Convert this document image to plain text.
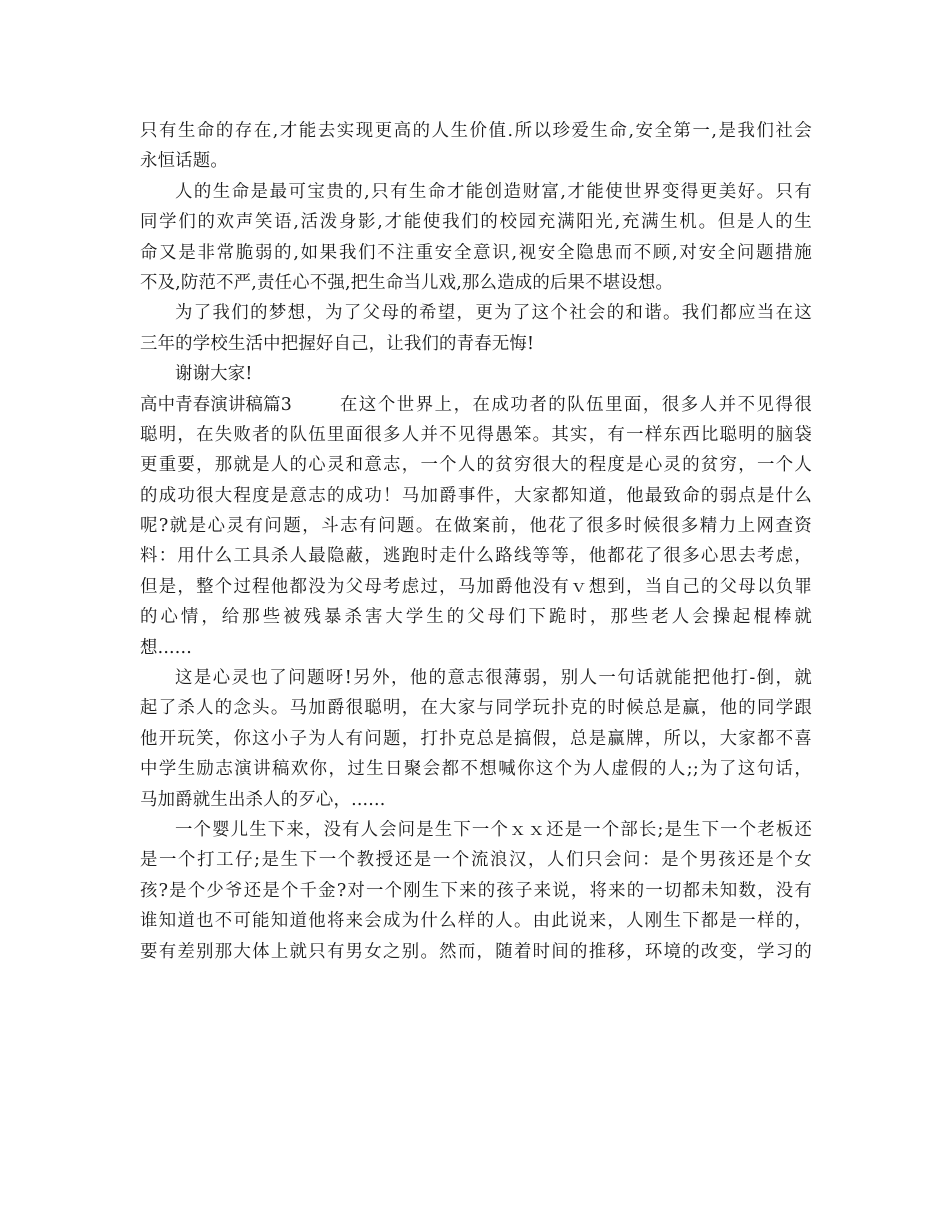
只有生命的存在,才能去实现更高的人生价值.所以珍爱生命,安全第一,是我们社会
永恒话题。
人的生命是最可宝贵的,只有生命才能创造财富,才能使世界变得更美好。只有
同学们的欢声笑语,活泼身影,才能使我们的校园充满阳光,充满生机。但是人的生
命又是非常脆弱的,如果我们不注重安全意识,视安全隐患而不顾,对安全问题措施
不及,防范不严,责任心不强,把生命当儿戏,那么造成的后果不堪设想。
为了我们的梦想，为了父母的希望，更为了这个社会的和谐。我们都应当在这
三年的学校生活中把握好自己，让我们的青春无悔!
谢谢大家!
高中青春演讲稿篇3	在这个世界上，在成功者的队伍里面，很多人并不见得很
聪明，在失败者的队伍里面很多人并不见得愚笨。其实，有一样东西比聪明的脑袋
更重要，那就是人的心灵和意志，一个人的贫穷很大的程度是心灵的贫穷，一个人
的成功很大程度是意志的成功！马加爵事件，大家都知道，他最致命的弱点是什么
呢?就是心灵有问题，斗志有问题。在做案前，他花了很多时候很多精力上网查资
料：用什么工具杀人最隐蔽，逃跑时走什么路线等等，他都花了很多心思去考虑，
但是，整个过程他都没为父母考虑过，马加爵他没有ｖ想到，当自己的父母以负罪
的心情，给那些被残暴杀害大学生的父母们下跪时，那些老人会操起棍棒就
想......
这是心灵也了问题呀!另外，他的意志很薄弱，别人一句话就能把他打-倒，就
起了杀人的念头。马加爵很聪明，在大家与同学玩扑克的时候总是赢，他的同学跟
他开玩笑，你这小子为人有问题，打扑克总是搞假，总是赢牌，所以，大家都不喜
中学生励志演讲稿欢你，过生日聚会都不想喊你这个为人虚假的人;;为了这句话，
马加爵就生出杀人的歹心，......
一个婴儿生下来，没有人会问是生下一个ｘｘ还是一个部长;是生下一个老板还
是一个打工仔;是生下一个教授还是一个流浪汉，人们只会问：是个男孩还是个女
孩?是个少爷还是个千金?对一个刚生下来的孩子来说，将来的一切都未知数，没有
谁知道也不可能知道他将来会成为什么样的人。由此说来，人刚生下都是一样的，
要有差别那大体上就只有男女之别。然而，随着时间的推移，环境的改变，学习的
